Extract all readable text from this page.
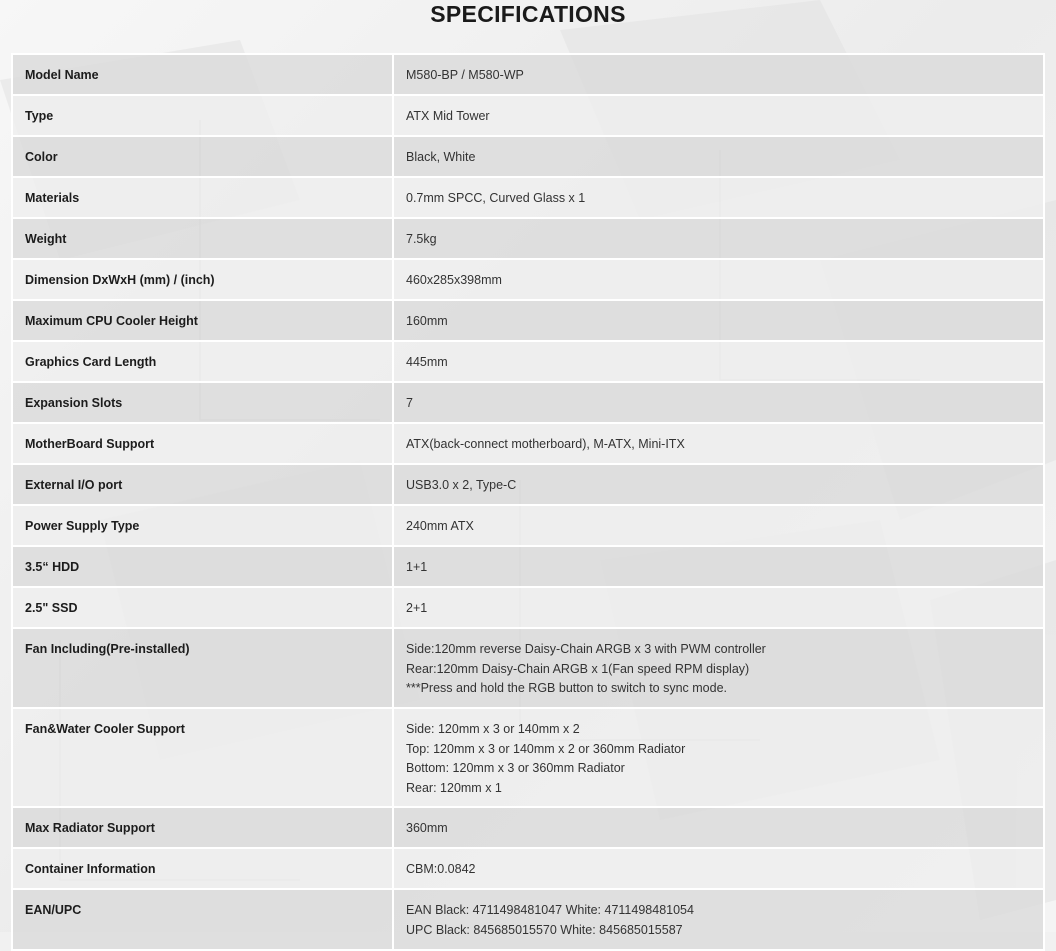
SPECIFICATIONS
Model Name	M580-BP / M580-WP

Type	ATX Mid Tower

Color	Black, White

Materials	0.7mm SPCC, Curved Glass x 1

Weight	7.5kg

Dimension DxWxH (mm) / (inch)	460x285x398mm

Maximum CPU Cooler Height	160mm

Graphics Card Length	445mm

Expansion Slots	7

MotherBoard Support	ATX(back-connect motherboard), M-ATX, Mini-ITX

External I/O port	USB3.0 x 2, Type-C

Power Supply Type	240mm ATX

3.5“ HDD	1+1

2.5" SSD	2+1

Fan Including(Pre-installed)	Side:120mm reverse Daisy-Chain ARGB x 3 with PWM controller
Rear:120mm Daisy-Chain ARGB x 1(Fan speed RPM display)
***Press and hold the RGB button to switch to sync mode.

Fan&Water Cooler Support	Side: 120mm x 3 or 140mm x 2
Top: 120mm x 3 or 140mm x 2 or 360mm Radiator
Bottom: 120mm x 3 or 360mm Radiator
Rear: 120mm x 1

Max Radiator Support	360mm

Container Information	CBM:0.0842

EAN/UPC	EAN Black: 4711498481047 White: 4711498481054
UPC Black: 845685015570 White: 845685015587
